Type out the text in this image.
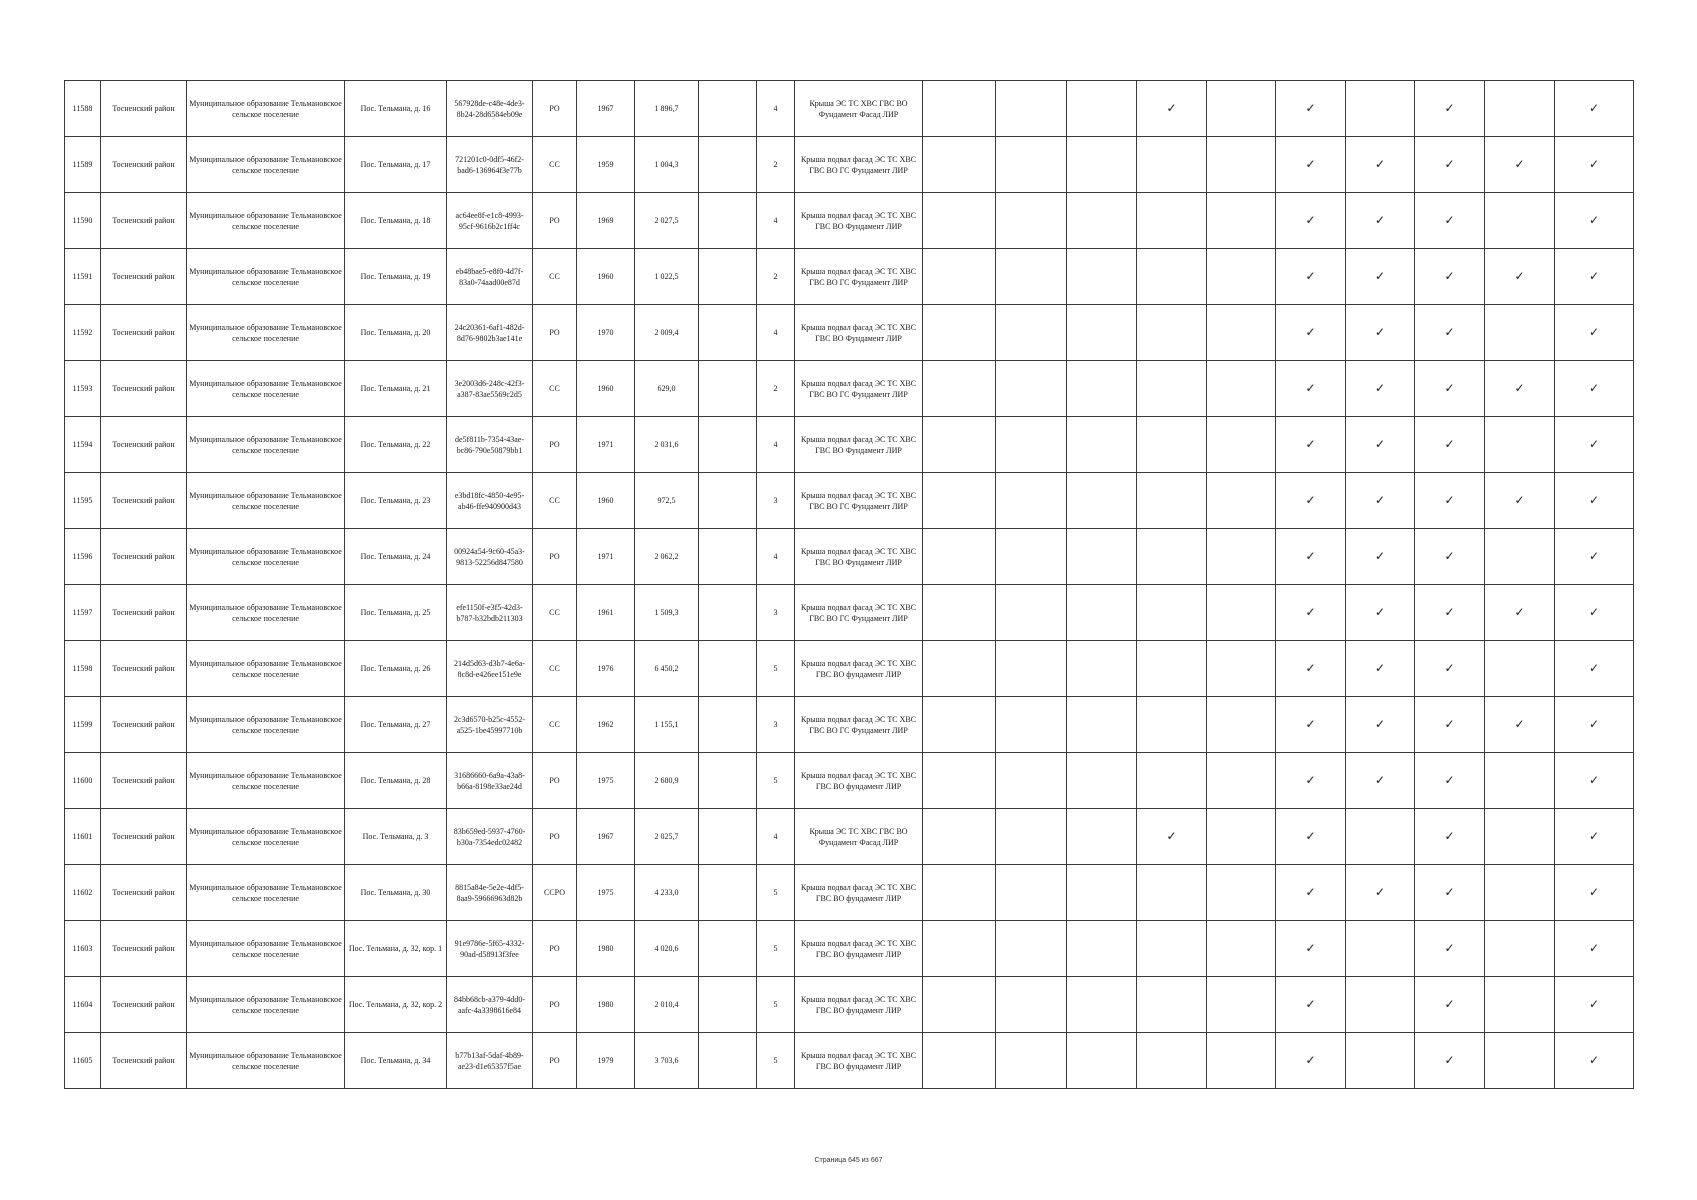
11588	Тосненский район	Муниципальное образование Тельмановское сельское поселение	Пос. Тельмана, д. 16	567928de-c48e-4de3-8b24-28d6584eb09e	РО	1967	1 896,7		4	Крыша ЭС ТС ХВС ГВС ВО Фундамент Фасад ЛИР				✓		✓		✓		✓
11589	Тосненский район	Муниципальное образование Тельмановское сельское поселение	Пос. Тельмана, д. 17	721201c0-0df5-46f2-bad6-136964f3e77b	СС	1959	1 004,3		2	Крыша подвал фасад ЭС ТС ХВС ГВС ВО ГС Фундамент ЛИР						✓	✓	✓	✓	✓
11590	Тосненский район	Муниципальное образование Тельмановское сельское поселение	Пос. Тельмана, д. 18	ac64ee8f-e1c8-4993-95cf-9616b2c1ff4c	РО	1969	2 027,5		4	Крыша подвал фасад ЭС ТС ХВС ГВС ВО Фундамент ЛИР						✓	✓	✓		✓
11591	Тосненский район	Муниципальное образование Тельмановское сельское поселение	Пос. Тельмана, д. 19	eb48bae5-e8f0-4d7f-83a0-74aad00e87d	СС	1960	1 022,5		2	Крыша подвал фасад ЭС ТС ХВС ГВС ВО ГС Фундамент ЛИР						✓	✓	✓	✓	✓
11592	Тосненский район	Муниципальное образование Тельмановское сельское поселение	Пос. Тельмана, д. 20	24c20361-6af1-482d-8d76-9802b3ae141e	РО	1970	2 009,4		4	Крыша подвал фасад ЭС ТС ХВС ГВС ВО Фундамент ЛИР						✓	✓	✓		✓
11593	Тосненский район	Муниципальное образование Тельмановское сельское поселение	Пос. Тельмана, д. 21	3e2003d6-248c-42f3-a387-83ae5569c2d5	СС	1960	629,0		2	Крыша подвал фасад ЭС ТС ХВС ГВС ВО ГС Фундамент ЛИР						✓	✓	✓	✓	✓
11594	Тосненский район	Муниципальное образование Тельмановское сельское поселение	Пос. Тельмана, д. 22	de5f811b-7354-43ae-bc86-790e50879bb1	РО	1971	2 031,6		4	Крыша подвал фасад ЭС ТС ХВС ГВС ВО Фундамент ЛИР						✓	✓	✓		✓
11595	Тосненский район	Муниципальное образование Тельмановское сельское поселение	Пос. Тельмана, д. 23	e3bd18fc-4850-4e95-ab46-ffe940900d43	СС	1960	972,5		3	Крыша подвал фасад ЭС ТС ХВС ГВС ВО ГС Фундамент ЛИР						✓	✓	✓	✓	✓
11596	Тосненский район	Муниципальное образование Тельмановское сельское поселение	Пос. Тельмана, д. 24	00924a54-9c60-45a3-9813-52256d847580	РО	1971	2 062,2		4	Крыша подвал фасад ЭС ТС ХВС ГВС ВО Фундамент ЛИР						✓	✓	✓		✓
11597	Тосненский район	Муниципальное образование Тельмановское сельское поселение	Пос. Тельмана, д. 25	efe1150f-e3f5-42d3-b787-b32bdb211303	СС	1961	1 509,3		3	Крыша подвал фасад ЭС ТС ХВС ГВС ВО ГС Фундамент ЛИР						✓	✓	✓	✓	✓
11598	Тосненский район	Муниципальное образование Тельмановское сельское поселение	Пос. Тельмана, д. 26	214d5d63-d3b7-4e6a-8c8d-e426ee151e9e	СС	1976	6 450,2		5	Крыша подвал фасад ЭС ТС ХВС ГВС ВО фундамент ЛИР						✓	✓	✓		✓
11599	Тосненский район	Муниципальное образование Тельмановское сельское поселение	Пос. Тельмана, д. 27	2c3d6570-b25c-4552-a525-1be45997710b	СС	1962	1 155,1		3	Крыша подвал фасад ЭС ТС ХВС ГВС ВО ГС Фундамент ЛИР						✓	✓	✓	✓	✓
11600	Тосненский район	Муниципальное образование Тельмановское сельское поселение	Пос. Тельмана, д. 28	31686660-6a9a-43a8-b66a-8198e33ae24d	РО	1975	2 680,9		5	Крыша подвал фасад ЭС ТС ХВС ГВС ВО фундамент ЛИР						✓	✓	✓		✓
11601	Тосненский район	Муниципальное образование Тельмановское сельское поселение	Пос. Тельмана, д. 3	83b659ed-5937-4760-b30a-7354edc02482	РО	1967	2 025,7		4	Крыша ЭС ТС ХВС ГВС ВО Фундамент Фасад ЛИР				✓		✓		✓		✓
11602	Тосненский район	Муниципальное образование Тельмановское сельское поселение	Пос. Тельмана, д. 30	8815a84e-5e2e-4df5-8aa9-59666963d82b	ССРО	1975	4 233,0		5	Крыша подвал фасад ЭС ТС ХВС ГВС ВО фундамент ЛИР						✓	✓	✓		✓
11603	Тосненский район	Муниципальное образование Тельмановское сельское поселение	Пос. Тельмана, д. 32, кор. 1	91e9786e-5f65-4332-90ad-d58913f3feе	РО	1980	4 020,6		5	Крыша подвал фасад ЭС ТС ХВС ГВС ВО фундамент ЛИР						✓		✓		✓
11604	Тосненский район	Муниципальное образование Тельмановское сельское поселение	Пос. Тельмана, д. 32, кор. 2	84bb68cb-a379-4dd0-aafc-4a3398616e84	РО	1980	2 010,4		5	Крыша подвал фасад ЭС ТС ХВС ГВС ВО фундамент ЛИР						✓		✓		✓
11605	Тосненский район	Муниципальное образование Тельмановское сельское поселение	Пос. Тельмана, д. 34	b77b13af-5daf-4b89-ae23-d1e65357f5ae	РО	1979	3 703,6		5	Крыша подвал фасад ЭС ТС ХВС ГВС ВО фундамент ЛИР						✓		✓		✓
Страница 645 из 667
